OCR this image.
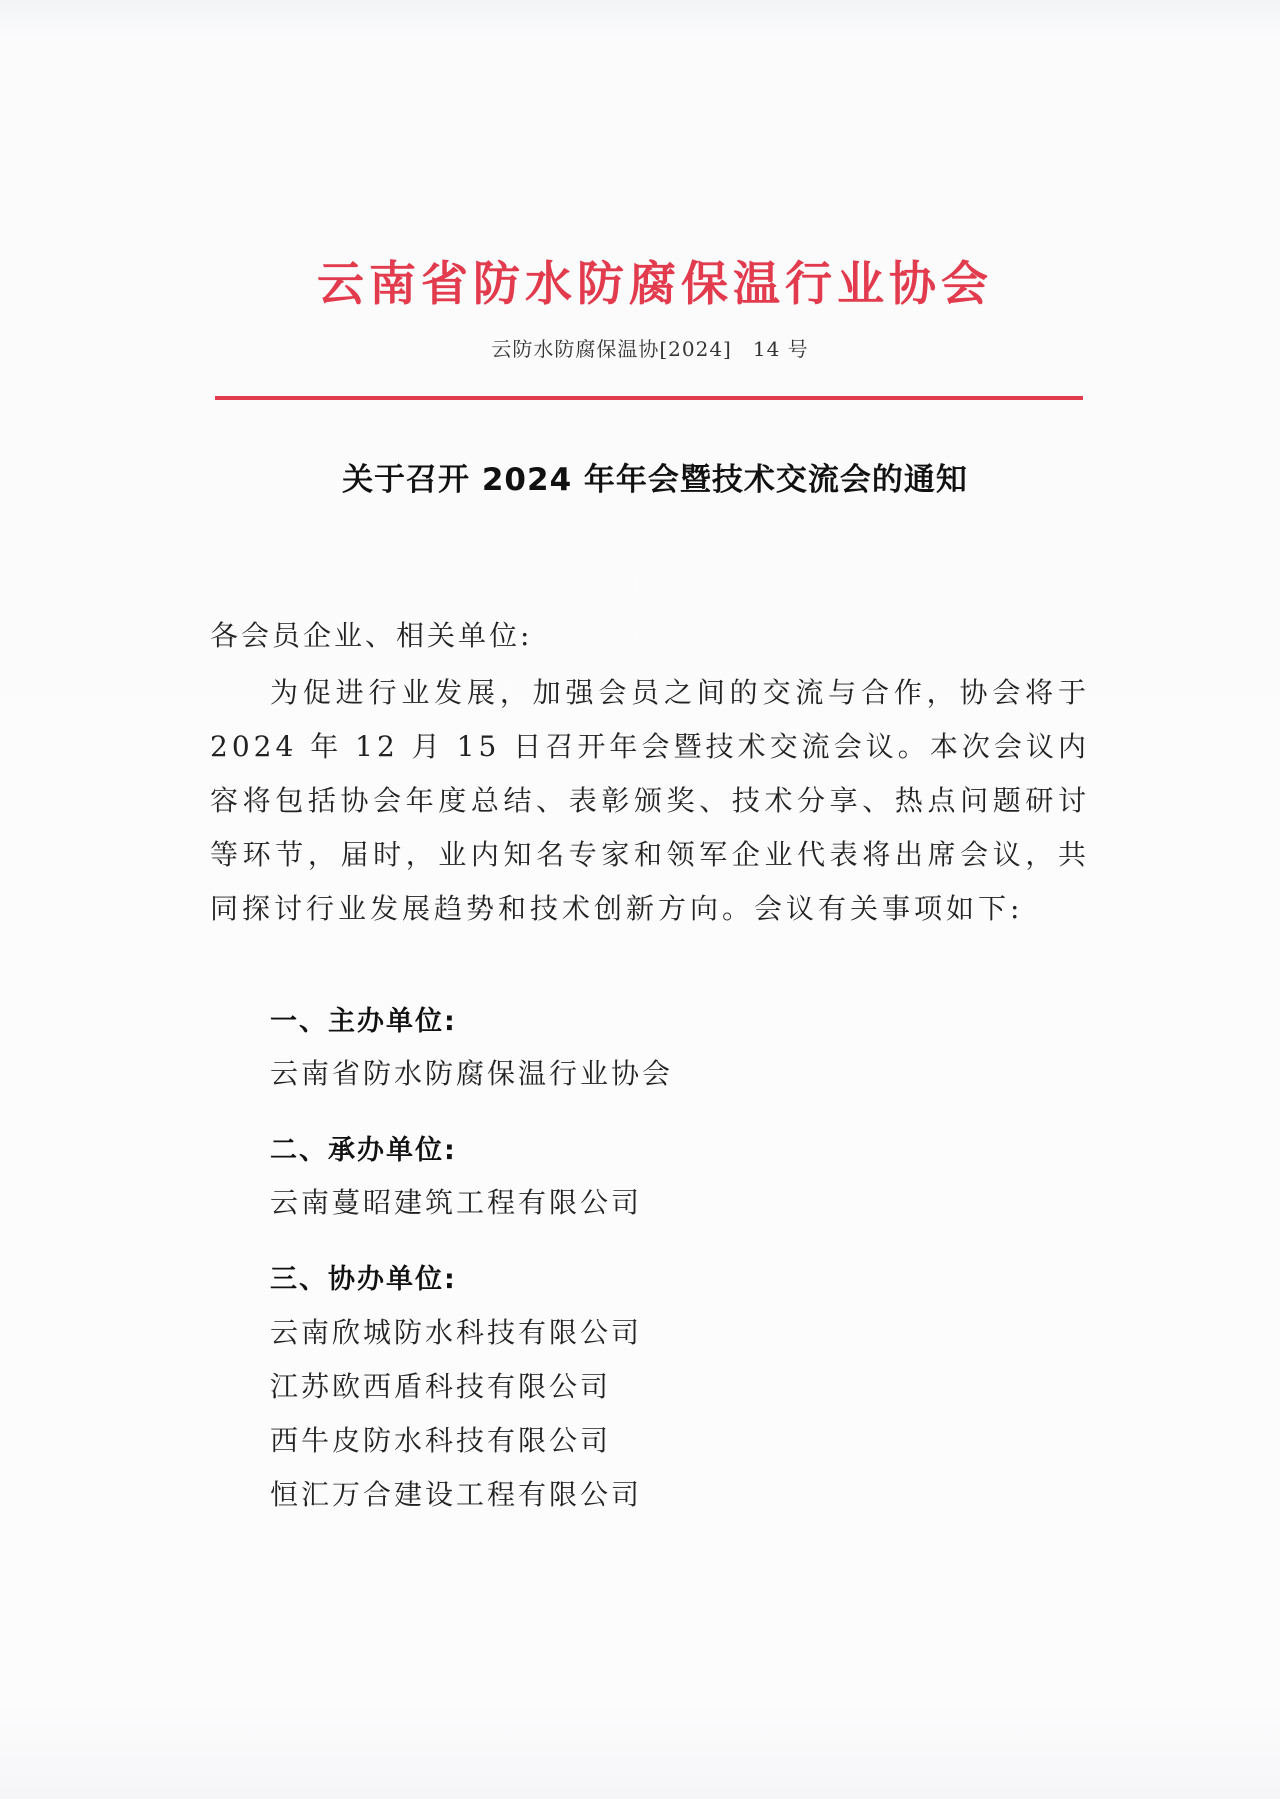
云南省防水防腐保温行业协会
云防水防腐保温协[2024]　14 号
关于召开 2024 年年会暨技术交流会的通知
各会员企业、相关单位:

为促进行业发展，加强会员之间的交流与合作，协会将于 2024 年 12 月 15 日召开年会暨技术交流会议。本次会议内容将包括协会年度总结、表彰颁奖、技术分享、热点问题研讨等环节，届时，业内知名专家和领军企业代表将出席会议，共同探讨行业发展趋势和技术创新方向。会议有关事项如下:

一、主办单位:
云南省防水防腐保温行业协会
二、承办单位:
云南蔓昭建筑工程有限公司
三、协办单位:
云南欣城防水科技有限公司
江苏欧西盾科技有限公司
西牛皮防水科技有限公司
恒汇万合建设工程有限公司
